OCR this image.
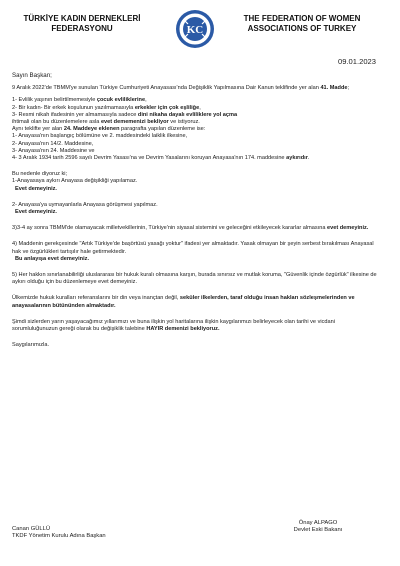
TÜRKİYE KADIN DERNEKLERİ
FEDERASYONU	KC
THE FEDERATION OF WOMEN
ASSOCIATIONS OF TURKEY
09.01.2023
Sayın Başkan;
9 Aralık 2022'de TBMM'ye sunulan Türkiye Cumhuriyeti Anayasası'nda Değişiklik Yapılmasına Dair Kanun teklifinde yer alan 41. Madde;
1- Evlilik yaşının belirtilmemesiyle çocuk evliliklerine,
2- Bir kadın- Bir erkek koşulunun yazılmamasıyla erkekler için çok eşliliğe,
3- Resmi nikah ifadesinin yer almamasıyla sadece dini nikaha dayalı evliliklere yol açma
ihtimali olan bu düzenlemelere asla evet dememenizi bekliyor ve istiyoruz.
Aynı teklifte yer alan 24. Maddeye eklenen paragrafta yapılan düzenleme ise:
1- Anayasa'nın başlangıç bölümüne ve 2. maddesindeki laiklik ilkesine,
2- Anayasa'nın 14/2. Maddesine,
3- Anayasa'nın 24. Maddesine ve
4- 3 Aralık 1934 tarih 2596 sayılı Devrim Yasası'na ve Devrim Yasalarını koruyan Anayasa'nın 174. maddesine aykırıdır.
Bu nedenle diyoruz ki;
1-Anayasaya aykırı Anayasa değişikliği yapılamaz.
Evet demeyiniz.
2- Anayasa'ya uymayanlarla Anayasa görüşmesi yapılmaz.
Evet demeyiniz.
3)3-4 ay sonra TBMM'de olamayacak milletvekillerinin, Türkiye'nin siyasal sistemini ve geleceğini etkileyecek kararlar almasına evet demeyiniz.
4) Maddenin gerekçesinde "Artık Türkiye'de başörtüsü yasağı yoktur" ifadesi yer almaktadır. Yasak olmayan bir şeyin serbest bırakılması Anayasal hak ve özgürlükleri tartışılır hale getirmektedir.
Bu anlayışa evet demeyiniz.
5) Her hakkın sınırlanabilirliği uluslararası bir hukuk kuralı olmasına karşın, burada sınırsız ve mutlak koruma, "Güvenlik içinde özgürlük" ilkesine de aykırı olduğu için bu düzenlemeye evet demeyiniz.
Ülkemizde hukuk kuralları referanslarını bir din veya inançtan değil, seküler ilkelerden, taraf olduğu insan hakları sözleşmelerinden ve anayasalarının bütününden almaktadır.
Şimdi sizlerden yarın yaşayacağımız yıllarımızı ve buna ilişkin yol haritalarına ilişkin kaygılarımızı belirleyecek olan tarihi ve vicdani sorumluluğunuzun gereği olarak bu değişiklik talebine HAYIR demenizi bekliyoruz.
Saygılarımızla.
Canan GÜLLÜ
TKDF Yönetim Kurulu Adına Başkan
Önay ALPAGO
Devlet Eski Bakanı
